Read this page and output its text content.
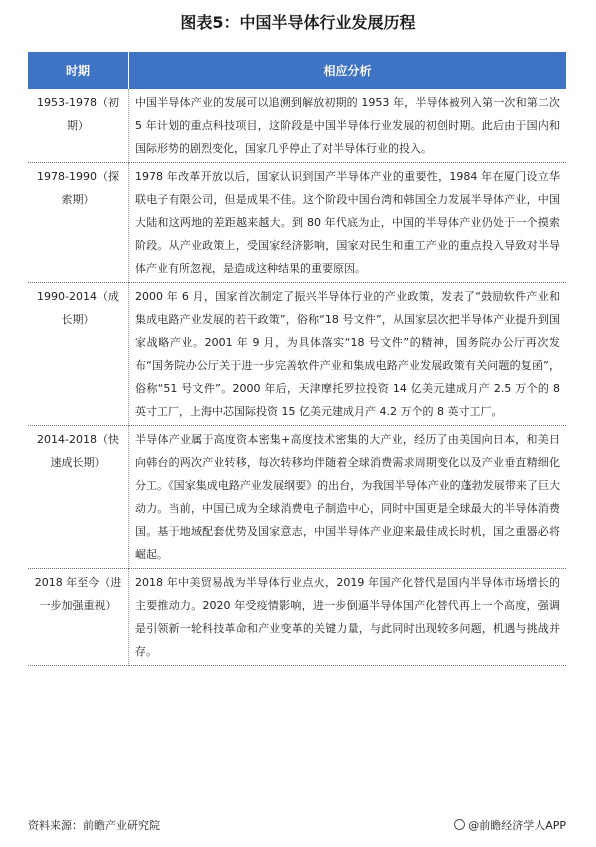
图表5：中国半导体行业发展历程
时期	相应分析
1953-1978（初期）	中国半导体产业的发展可以追溯到解放初期的 1953 年，半导体被列入第一次和第二次 5 年计划的重点科技项目，这阶段是中国半导体行业发展的初创时期。此后由于国内和国际形势的剧烈变化，国家几乎停止了对半导体行业的投入。
1978-1990（探索期）	1978 年改革开放以后，国家认识到国产半导体产业的重要性，1984 年在厦门设立华联电子有限公司，但是成果不佳。这个阶段中国台湾和韩国全力发展半导体产业，中国大陆和这两地的差距越来越大。到 80 年代底为止，中国的半导体产业仍处于一个摸索阶段。从产业政策上，受国家经济影响，国家对民生和重工产业的重点投入导致对半导体产业有所忽视，是造成这种结果的重要原因。
1990-2014（成长期）	2000 年 6 月，国家首次制定了振兴半导体行业的产业政策，发表了“鼓励软件产业和集成电路产业发展的若干政策”，俗称“18 号文件”，从国家层次把半导体产业提升到国家战略产业。2001 年 9 月，为具体落实“18 号文件”的精神，国务院办公厅再次发布“国务院办公厅关于进一步完善软件产业和集成电路产业发展政策有关问题的复函”，俗称“51 号文件”。2000 年后，天津摩托罗拉投资 14 亿美元建成月产 2.5 万个的 8 英寸工厂，上海中芯国际投资 15 亿美元建成月产 4.2 万个的 8 英寸工厂。
2014-2018（快速成长期）	半导体产业属于高度资本密集+高度技术密集的大产业，经历了由美国向日本，和美日向韩台的两次产业转移，每次转移均伴随着全球消费需求周期变化以及产业垂直精细化分工。《国家集成电路产业发展纲要》的出台，为我国半导体产业的蓬勃发展带来了巨大动力。当前，中国已成为全球消费电子制造中心，同时中国更是全球最大的半导体消费国。基于地域配套优势及国家意志，中国半导体产业迎来最佳成长时机，国之重器必将崛起。
2018 年至今（进一步加强重视）	2018 年中美贸易战为半导体行业点火，2019 年国产化替代是国内半导体市场增长的主要推动力。2020 年受疫情影响，进一步倒逼半导体国产化替代再上一个高度，强调是引领新一轮科技革命和产业变革的关键力量，与此同时出现较多问题，机遇与挑战并存。
资料来源：前瞻产业研究院	@前瞻经济学人APP
